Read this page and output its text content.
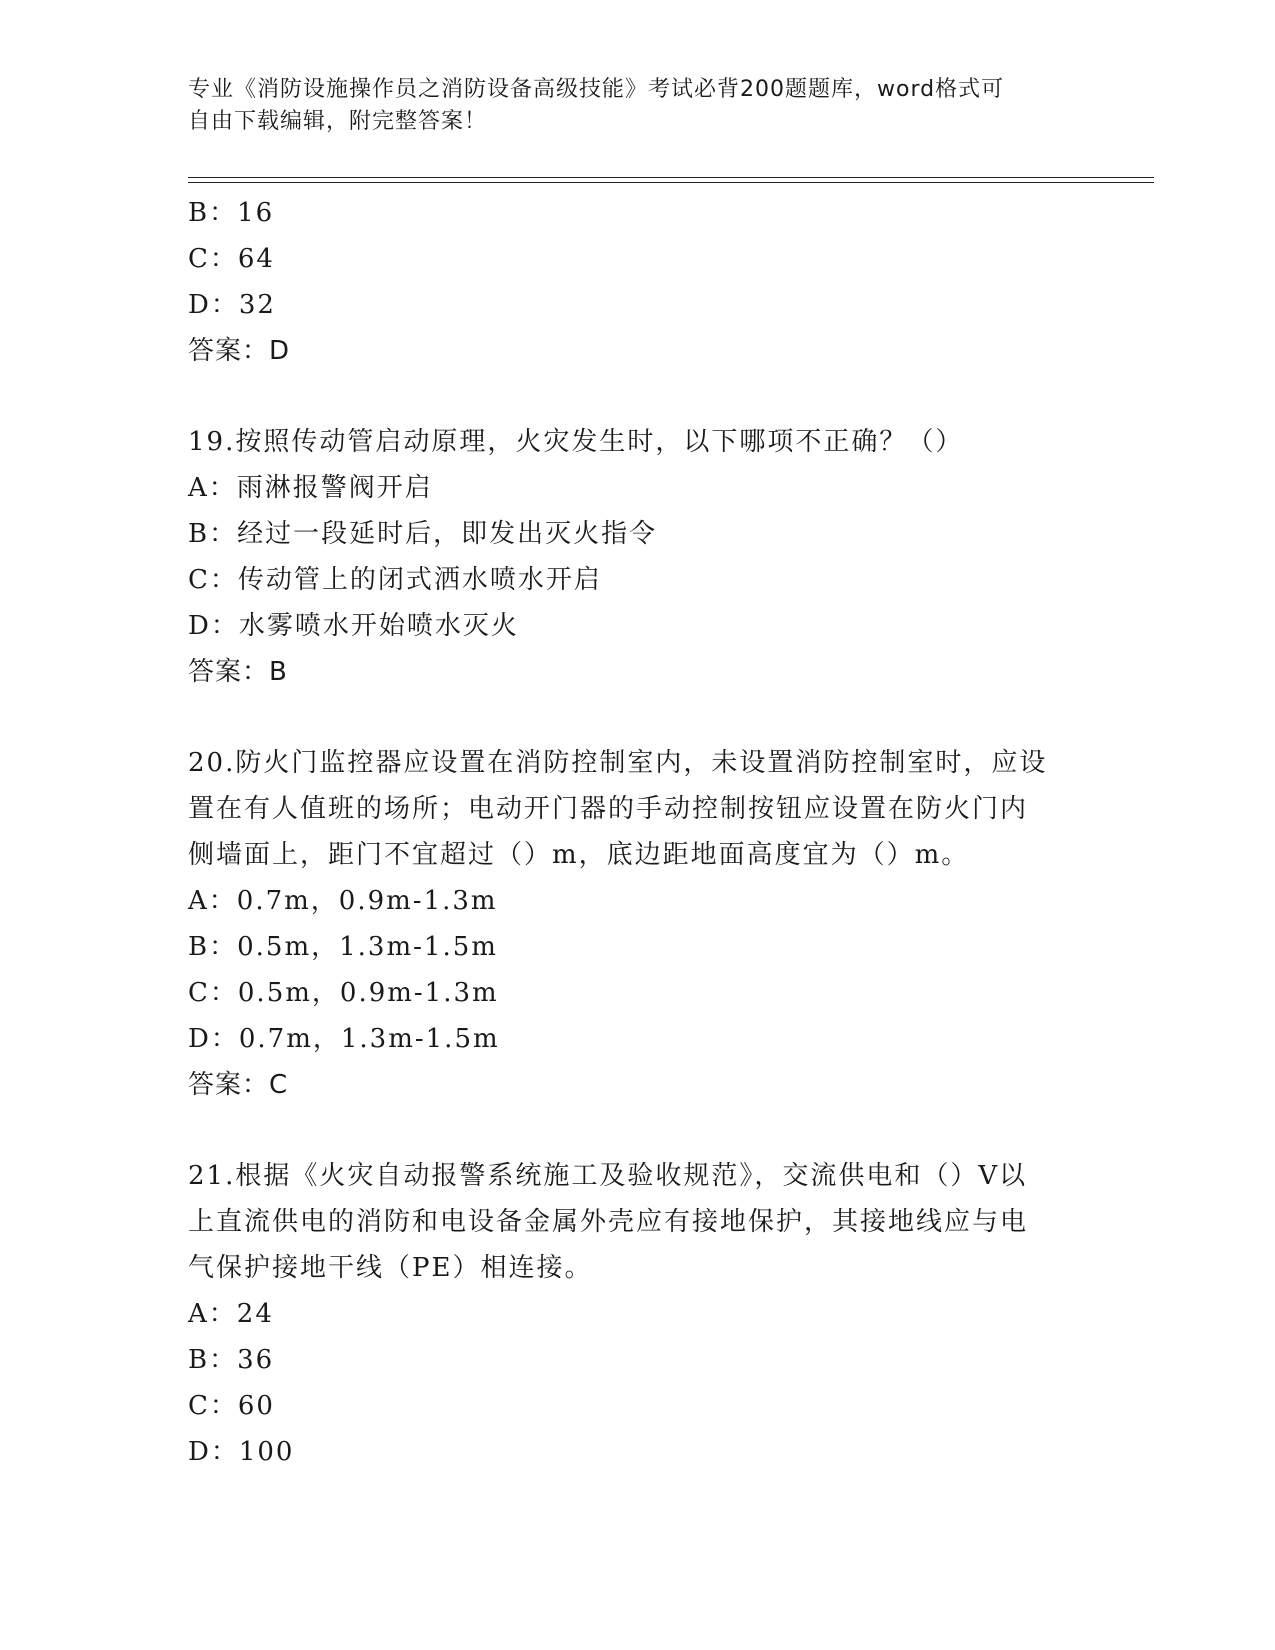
专业《消防设施操作员之消防设备高级技能》考试必背200题题库，word格式可
自由下载编辑，附完整答案！
B：16
C：64
D：32
答案：D
19.按照传动管启动原理，火灾发生时，以下哪项不正确？（）
A：雨淋报警阀开启
B：经过一段延时后，即发出灭火指令
C：传动管上的闭式洒水喷水开启
D：水雾喷水开始喷水灭火
答案：B
20.防火门监控器应设置在消防控制室内，未设置消防控制室时，应设
置在有人值班的场所；电动开门器的手动控制按钮应设置在防火门内
侧墙面上，距门不宜超过（）m，底边距地面高度宜为（）m。
A：0.7m，0.9m-1.3m
B：0.5m，1.3m-1.5m
C：0.5m，0.9m-1.3m
D：0.7m，1.3m-1.5m
答案：C
21.根据《火灾自动报警系统施工及验收规范》，交流供电和（）V以
上直流供电的消防和电设备金属外壳应有接地保护，其接地线应与电
气保护接地干线（PE）相连接。
A：24
B：36
C：60
D：100
